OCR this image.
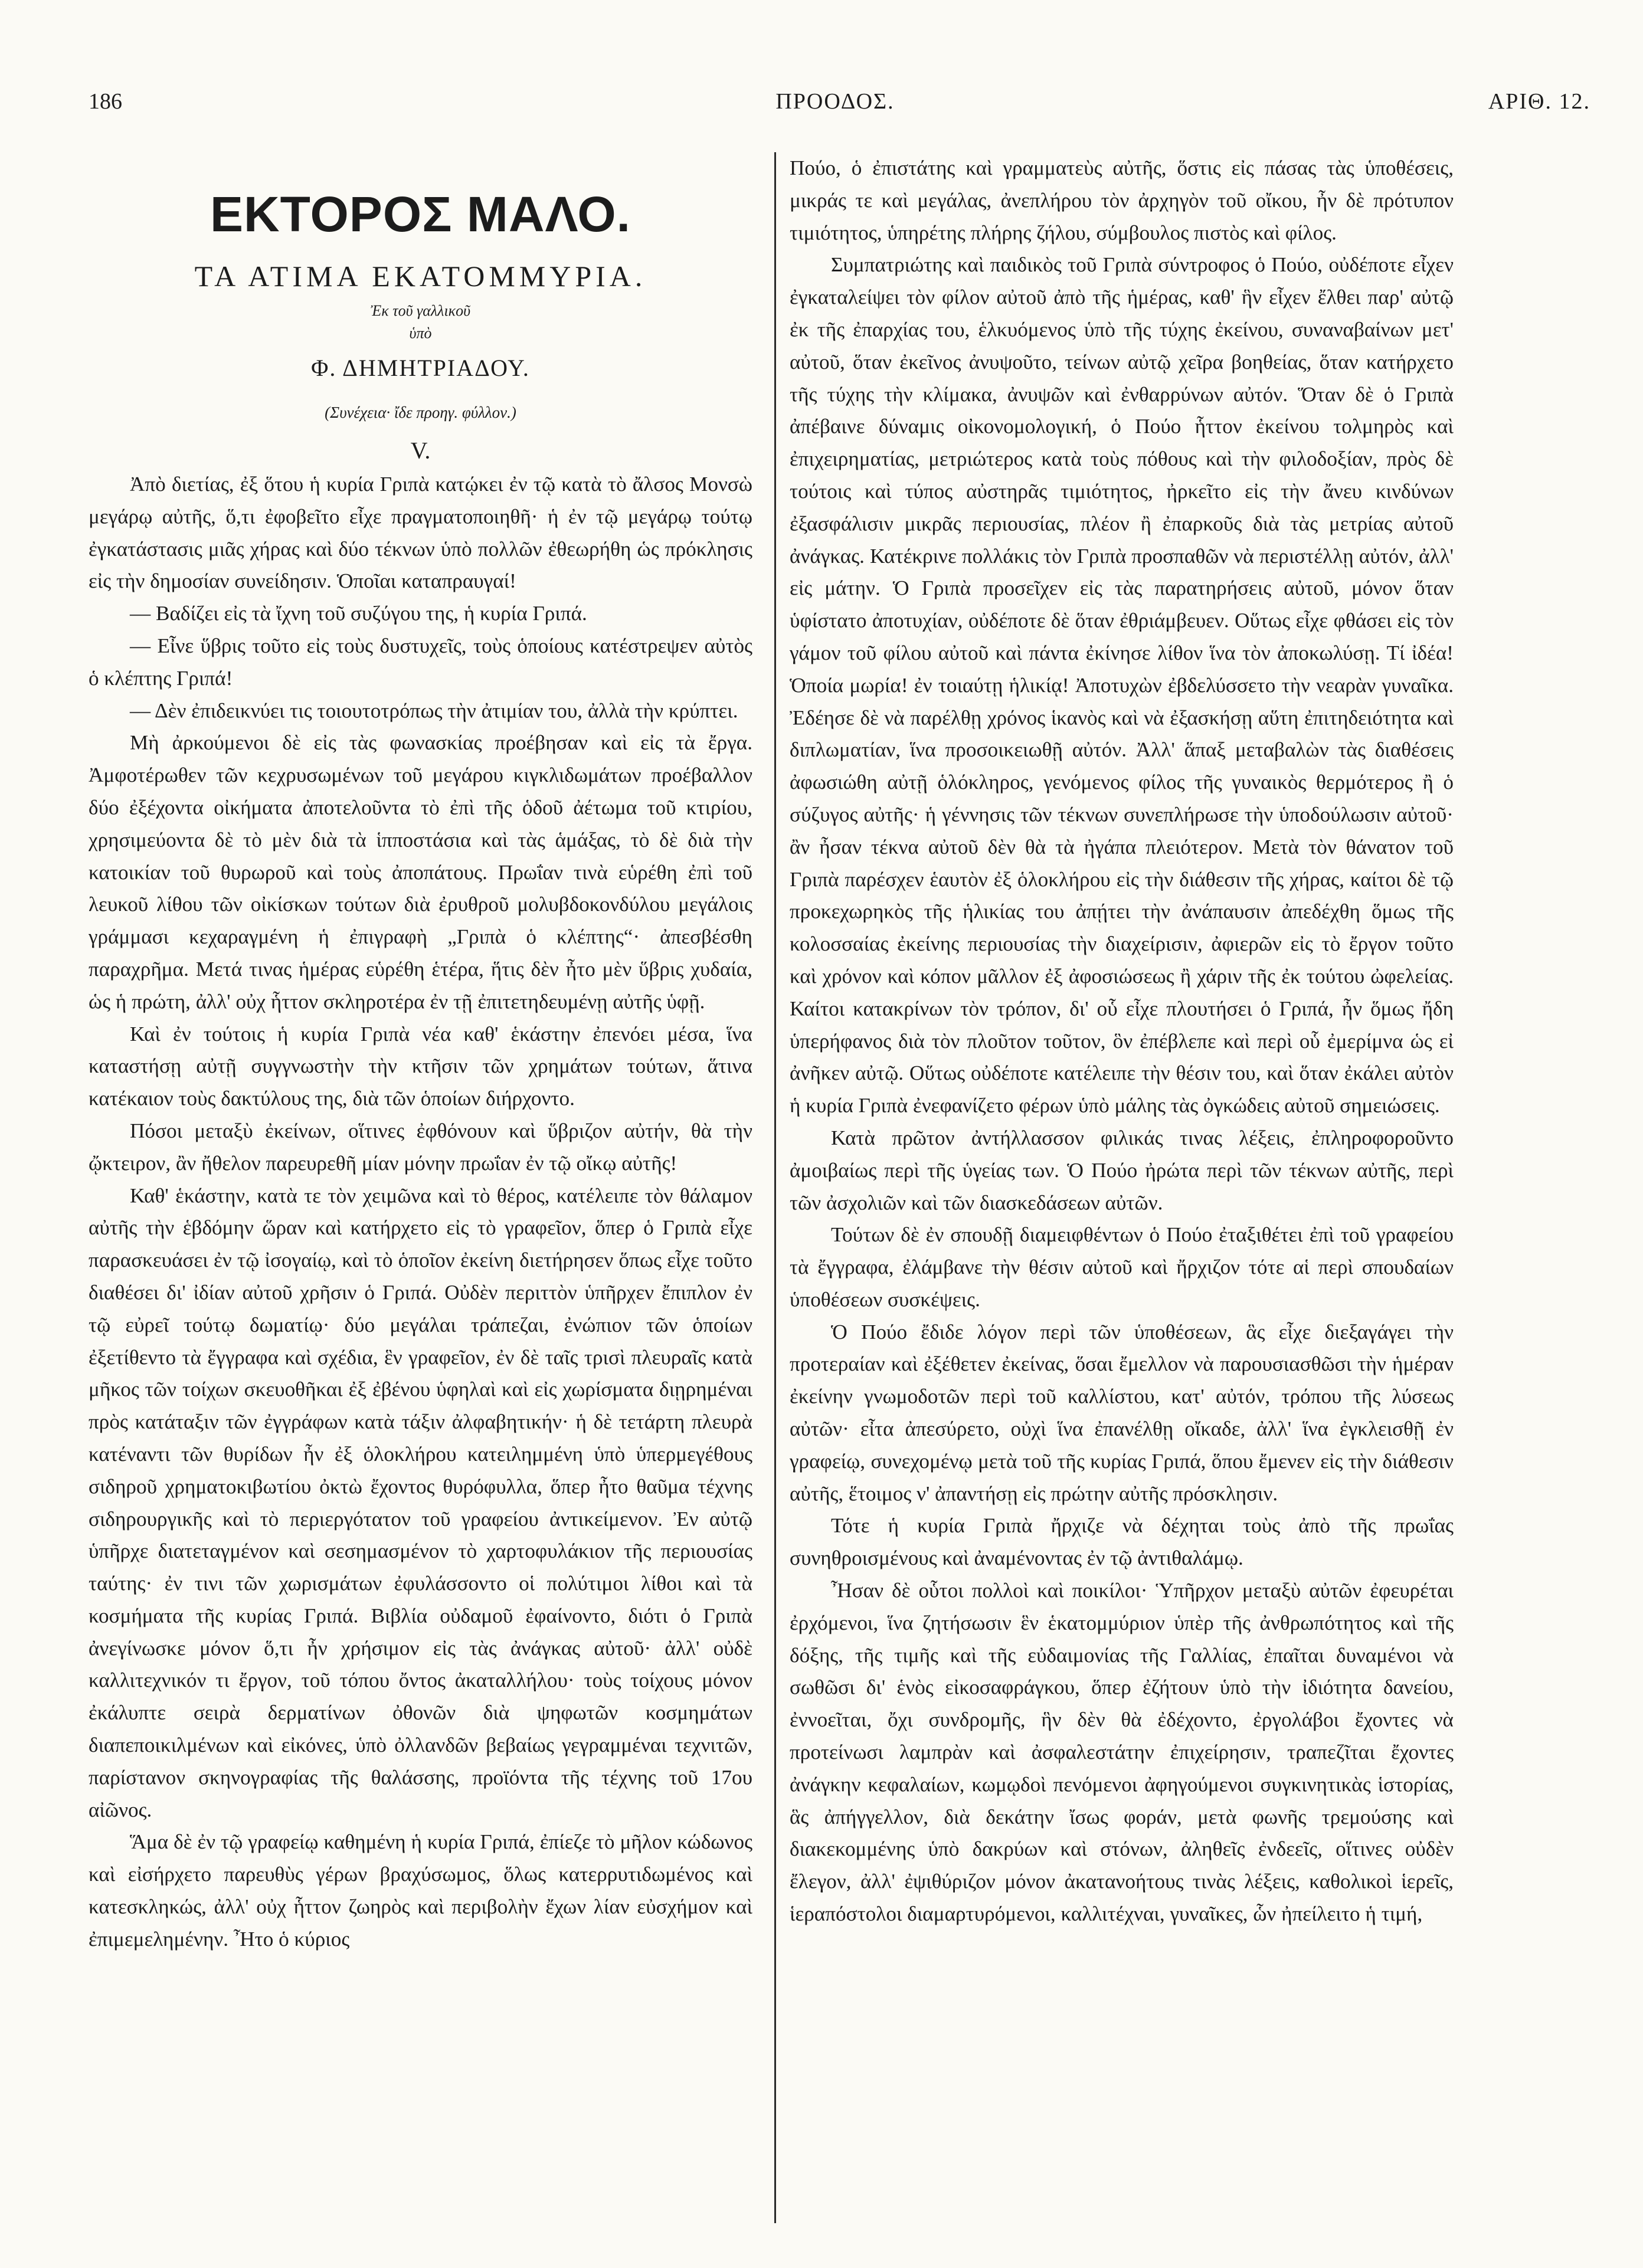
186	ΠΡΟΟΔΟΣ.	ΑΡΙΘ. 12.
ΕΚΤΟΡΟΣ ΜΑΛΟ.
ΤΑ ΑΤΙΜΑ ΕΚΑΤΟΜΜΥΡΙΑ.
Ἐκ τοῦ γαλλικοῦ
ὑπὸ
Φ. ΔΗΜΗΤΡΙΑΔΟΥ.
(Συνέχεια· ἴδε προηγ. φύλλον.)
V.

Ἀπὸ διετίας, ἐξ ὅτου ἡ κυρία Γριπὰ κατῴκει ἐν τῷ κατὰ τὸ ἄλσος Μονσὼ μεγάρῳ αὐτῆς, ὅ,τι ἐφοβεῖτο εἶχε πραγματοποιηθῆ· ἡ ἐν τῷ μεγάρῳ τούτῳ ἐγκατάστασις μιᾶς χήρας καὶ δύο τέκνων ὑπὸ πολλῶν ἐθεωρήθη ὡς πρόκλησις εἰς τὴν δημοσίαν συνείδησιν. Ὁποῖαι καταπραυγαί!

— Βαδίζει εἰς τὰ ἴχνη τοῦ συζύγου της, ἡ κυρία Γριπά.

— Εἶνε ὕβρις τοῦτο εἰς τοὺς δυστυχεῖς, τοὺς ὁποίους κατέστρεψεν αὐτὸς ὁ κλέπτης Γριπά!

— Δὲν ἐπιδεικνύει τις τοιουτοτρόπως τὴν ἀτιμίαν του, ἀλλὰ τὴν κρύπτει.

Μὴ ἀρκούμενοι δὲ εἰς τὰς φωνασκίας προέβησαν καὶ εἰς τὰ ἔργα. Ἀμφοτέρωθεν τῶν κεχρυσωμένων τοῦ μεγάρου κιγκλιδωμάτων προέβαλλον δύο ἐξέχοντα οἰκήματα ἀποτελοῦντα τὸ ἐπὶ τῆς ὁδοῦ ἀέτωμα τοῦ κτιρίου, χρησιμεύοντα δὲ τὸ μὲν διὰ τὰ ἱπποστάσια καὶ τὰς ἁμάξας, τὸ δὲ διὰ τὴν κατοικίαν τοῦ θυρωροῦ καὶ τοὺς ἀποπάτους. Πρωΐαν τινὰ εὑρέθη ἐπὶ τοῦ λευκοῦ λίθου τῶν οἰκίσκων τούτων διὰ ἐρυθροῦ μολυβδοκονδύλου μεγάλοις γράμμασι κεχαραγμένη ἡ ἐπιγραφὴ „Γριπὰ ὁ κλέπτης“· ἀπεσβέσθη παραχρῆμα. Μετά τινας ἡμέρας εὑρέθη ἑτέρα, ἥτις δὲν ἦτο μὲν ὕβρις χυδαία, ὡς ἡ πρώτη, ἀλλ' οὐχ ἧττον σκληροτέρα ἐν τῇ ἐπιτετηδευμένῃ αὐτῆς ὑφῇ.

Καὶ ἐν τούτοις ἡ κυρία Γριπὰ νέα καθ' ἑκάστην ἐπενόει μέσα, ἵνα καταστήσῃ αὐτῇ συγγνωστὴν τὴν κτῆσιν τῶν χρημάτων τούτων, ἅτινα κατέκαιον τοὺς δακτύλους της, διὰ τῶν ὁποίων διήρχοντο.

Πόσοι μεταξὺ ἐκείνων, οἵτινες ἐφθόνουν καὶ ὕβριζον αὐτήν, θὰ τὴν ᾤκτειρον, ἂν ἤθελον παρευρεθῆ μίαν μόνην πρωΐαν ἐν τῷ οἴκῳ αὐτῆς!

Καθ' ἑκάστην, κατὰ τε τὸν χειμῶνα καὶ τὸ θέρος, κατέλειπε τὸν θάλαμον αὐτῆς τὴν ἑβδόμην ὥραν καὶ κατήρχετο εἰς τὸ γραφεῖον, ὅπερ ὁ Γριπὰ εἶχε παρασκευάσει ἐν τῷ ἰσογαίῳ, καὶ τὸ ὁποῖον ἐκείνη διετήρησεν ὅπως εἶχε τοῦτο διαθέσει δι' ἰδίαν αὐτοῦ χρῆσιν ὁ Γριπά. Οὐδὲν περιττὸν ὑπῆρχεν ἔπιπλον ἐν τῷ εὐρεῖ τούτῳ δωματίῳ· δύο μεγάλαι τράπεζαι, ἐνώπιον τῶν ὁποίων ἐξετίθεντο τὰ ἔγγραφα καὶ σχέδια, ἓν γραφεῖον, ἐν δὲ ταῖς τρισὶ πλευραῖς κατὰ μῆκος τῶν τοίχων σκευοθῆκαι ἐξ ἐβένου ὑφηλαὶ καὶ εἰς χωρίσματα διῃρημέναι πρὸς κατάταξιν τῶν ἐγγράφων κατὰ τάξιν ἀλφαβητικήν· ἡ δὲ τετάρτη πλευρὰ κατέναντι τῶν θυρίδων ἦν ἐξ ὁλοκλήρου κατειλημμένη ὑπὸ ὑπερμεγέθους σιδηροῦ χρηματοκιβωτίου ὀκτὼ ἔχοντος θυρόφυλλα, ὅπερ ἦτο θαῦμα τέχνης σιδηρουργικῆς καὶ τὸ περιεργότατον τοῦ γραφείου ἀντικείμενον. Ἐν αὐτῷ ὑπῆρχε διατεταγμένον καὶ σεσημασμένον τὸ χαρτοφυλάκιον τῆς περιουσίας ταύτης· ἐν τινι τῶν χωρισμάτων ἐφυλάσσοντο οἱ πολύτιμοι λίθοι καὶ τὰ κοσμήματα τῆς κυρίας Γριπά. Βιβλία οὐδαμοῦ ἐφαίνοντο, διότι ὁ Γριπὰ ἀνεγίνωσκε μόνον ὅ,τι ἦν χρήσιμον εἰς τὰς ἀνάγκας αὐτοῦ· ἀλλ' οὐδὲ καλλιτεχνικόν τι ἔργον, τοῦ τόπου ὄντος ἀκαταλλήλου· τοὺς τοίχους μόνον ἐκάλυπτε σειρὰ δερματίνων ὀθονῶν διὰ ψηφωτῶν κοσμημάτων διαπεποικιλμένων καὶ εἰκόνες, ὑπὸ ὀλλανδῶν βεβαίως γεγραμμέναι τεχνιτῶν, παρίστανον σκηνογραφίας τῆς θαλάσσης, προϊόντα τῆς τέχνης τοῦ 17ου αἰῶνος.

Ἅμα δὲ ἐν τῷ γραφείῳ καθημένη ἡ κυρία Γριπά, ἐπίεζε τὸ μῆλον κώδωνος καὶ εἰσήρχετο παρευθὺς γέρων βραχύσωμος, ὅλως κατερρυτιδωμένος καὶ κατεσκληκώς, ἀλλ' οὐχ ἧττον ζωηρὸς καὶ περιβολὴν ἔχων λίαν εὐσχήμον καὶ ἐπιμεμελημένην. Ἦτο ὁ κύριος

Πούο, ὁ ἐπιστάτης καὶ γραμματεὺς αὐτῆς, ὅστις εἰς πάσας τὰς ὑποθέσεις, μικράς τε καὶ μεγάλας, ἀνεπλήρου τὸν ἀρχηγὸν τοῦ οἴκου, ἦν δὲ πρότυπον τιμιότητος, ὑπηρέτης πλήρης ζήλου, σύμβουλος πιστὸς καὶ φίλος.

Συμπατριώτης καὶ παιδικὸς τοῦ Γριπὰ σύντροφος ὁ Πούο, οὐδέποτε εἶχεν ἐγκαταλείψει τὸν φίλον αὐτοῦ ἀπὸ τῆς ἡμέρας, καθ' ἣν εἶχεν ἔλθει παρ' αὐτῷ ἐκ τῆς ἐπαρχίας του, ἑλκυόμενος ὑπὸ τῆς τύχης ἐκείνου, συναναβαίνων μετ' αὐτοῦ, ὅταν ἐκεῖνος ἀνυψοῦτο, τείνων αὐτῷ χεῖρα βοηθείας, ὅταν κατήρχετο τῆς τύχης τὴν κλίμακα, ἀνυψῶν καὶ ἐνθαρρύνων αὐτόν. Ὅταν δὲ ὁ Γριπὰ ἀπέβαινε δύναμις οἰκονομολογική, ὁ Πούο ἧττον ἐκείνου τολμηρὸς καὶ ἐπιχειρηματίας, μετριώτερος κατὰ τοὺς πόθους καὶ τὴν φιλοδοξίαν, πρὸς δὲ τούτοις καὶ τύπος αὐστηρᾶς τιμιότητος, ἠρκεῖτο εἰς τὴν ἄνευ κινδύνων ἐξασφάλισιν μικρᾶς περιουσίας, πλέον ἢ ἐπαρκοῦς διὰ τὰς μετρίας αὐτοῦ ἀνάγκας. Κατέκρινε πολλάκις τὸν Γριπὰ προσπαθῶν νὰ περιστέλλῃ αὐτόν, ἀλλ' εἰς μάτην. Ὁ Γριπὰ προσεῖχεν εἰς τὰς παρατηρήσεις αὐτοῦ, μόνον ὅταν ὑφίστατο ἀποτυχίαν, οὐδέποτε δὲ ὅταν ἐθριάμβευεν. Οὕτως εἶχε φθάσει εἰς τὸν γάμον τοῦ φίλου αὐτοῦ καὶ πάντα ἐκίνησε λίθον ἵνα τὸν ἀποκωλύσῃ. Τί ἰδέα! Ὁποία μωρία! ἐν τοιαύτῃ ἡλικίᾳ! Ἀποτυχὼν ἐβδελύσσετο τὴν νεαρὰν γυναῖκα. Ἐδέησε δὲ νὰ παρέλθῃ χρόνος ἱκανὸς καὶ νὰ ἐξασκήσῃ αὕτη ἐπιτηδειότητα καὶ διπλωματίαν, ἵνα προσοικειωθῇ αὐτόν. Ἀλλ' ἅπαξ μεταβαλὼν τὰς διαθέσεις ἀφωσιώθη αὐτῇ ὁλόκληρος, γενόμενος φίλος τῆς γυναικὸς θερμότερος ἢ ὁ σύζυγος αὐτῆς· ἡ γέννησις τῶν τέκνων συνεπλήρωσε τὴν ὑποδούλωσιν αὐτοῦ· ἂν ἦσαν τέκνα αὐτοῦ δὲν θὰ τὰ ἠγάπα πλειότερον. Μετὰ τὸν θάνατον τοῦ Γριπὰ παρέσχεν ἑαυτὸν ἐξ ὁλοκλήρου εἰς τὴν διάθεσιν τῆς χήρας, καίτοι δὲ τῷ προκεχωρηκὸς τῆς ἡλικίας του ἀπῄτει τὴν ἀνάπαυσιν ἀπεδέχθη ὅμως τῆς κολοσσαίας ἐκείνης περιουσίας τὴν διαχείρισιν, ἀφιερῶν εἰς τὸ ἔργον τοῦτο καὶ χρόνον καὶ κόπον μᾶλλον ἐξ ἀφοσιώσεως ἢ χάριν τῆς ἐκ τούτου ὠφελείας. Καίτοι κατακρίνων τὸν τρόπον, δι' οὗ εἶχε πλουτήσει ὁ Γριπά, ἦν ὅμως ἤδη ὑπερήφανος διὰ τὸν πλοῦτον τοῦτον, ὃν ἐπέβλεπε καὶ περὶ οὗ ἐμερίμνα ὡς εἰ ἀνῆκεν αὐτῷ. Οὕτως οὐδέποτε κατέλειπε τὴν θέσιν του, καὶ ὅταν ἐκάλει αὐτὸν ἡ κυρία Γριπὰ ἐνεφανίζετο φέρων ὑπὸ μάλης τὰς ὀγκώδεις αὐτοῦ σημειώσεις.

Κατὰ πρῶτον ἀντήλλασσον φιλικάς τινας λέξεις, ἐπληροφοροῦντο ἀμοιβαίως περὶ τῆς ὑγείας των. Ὁ Πούο ἠρώτα περὶ τῶν τέκνων αὐτῆς, περὶ τῶν ἀσχολιῶν καὶ τῶν διασκεδάσεων αὐτῶν.

Τούτων δὲ ἐν σπουδῇ διαμειφθέντων ὁ Πούο ἐταξιθέτει ἐπὶ τοῦ γραφείου τὰ ἔγγραφα, ἐλάμβανε τὴν θέσιν αὐτοῦ καὶ ἤρχιζον τότε αἱ περὶ σπουδαίων ὑποθέσεων συσκέψεις.

Ὁ Πούο ἔδιδε λόγον περὶ τῶν ὑποθέσεων, ἃς εἶχε διεξαγάγει τὴν προτεραίαν καὶ ἐξέθετεν ἐκείνας, ὅσαι ἔμελλον νὰ παρουσιασθῶσι τὴν ἡμέραν ἐκείνην γνωμοδοτῶν περὶ τοῦ καλλίστου, κατ' αὐτόν, τρόπου τῆς λύσεως αὐτῶν· εἶτα ἀπεσύρετο, οὐχὶ ἵνα ἐπανέλθῃ οἴκαδε, ἀλλ' ἵνα ἐγκλεισθῇ ἐν γραφείῳ, συνεχομένῳ μετὰ τοῦ τῆς κυρίας Γριπά, ὅπου ἔμενεν εἰς τὴν διάθεσιν αὐτῆς, ἕτοιμος ν' ἀπαντήσῃ εἰς πρώτην αὐτῆς πρόσκλησιν.

Τότε ἡ κυρία Γριπὰ ἤρχιζε νὰ δέχηται τοὺς ἀπὸ τῆς πρωΐας συνηθροισμένους καὶ ἀναμένοντας ἐν τῷ ἀντιθαλάμῳ.

Ἦσαν δὲ οὗτοι πολλοὶ καὶ ποικίλοι· Ὑπῆρχον μεταξὺ αὐτῶν ἐφευρέται ἐρχόμενοι, ἵνα ζητήσωσιν ἓν ἑκατομμύριον ὑπὲρ τῆς ἀνθρωπότητος καὶ τῆς δόξης, τῆς τιμῆς καὶ τῆς εὐδαιμονίας τῆς Γαλλίας, ἐπαῖται δυναμένοι νὰ σωθῶσι δι' ἑνὸς εἰκοσαφράγκου, ὅπερ ἐζήτουν ὑπὸ τὴν ἰδιότητα δανείου, ἐννοεῖται, ὄχι συνδρομῆς, ἣν δὲν θὰ ἐδέχοντο, ἐργολάβοι ἔχοντες νὰ προτείνωσι λαμπρὰν καὶ ἀσφαλεστάτην ἐπιχείρησιν, τραπεζῖται ἔχοντες ἀνάγκην κεφαλαίων, κωμῳδοὶ πενόμενοι ἀφηγούμενοι συγκινητικὰς ἱστορίας, ἃς ἀπήγγελλον, διὰ δεκάτην ἴσως φοράν, μετὰ φωνῆς τρεμούσης καὶ διακεκομμένης ὑπὸ δακρύων καὶ στόνων, ἀληθεῖς ἐνδεεῖς, οἵτινες οὐδὲν ἔλεγον, ἀλλ' ἐψιθύριζον μόνον ἀκατανοήτους τινὰς λέξεις, καθολικοὶ ἱερεῖς, ἱεραπόστολοι διαμαρτυρόμενοι, καλλιτέχναι, γυναῖκες, ὧν ἠπείλειτο ἡ τιμή,
